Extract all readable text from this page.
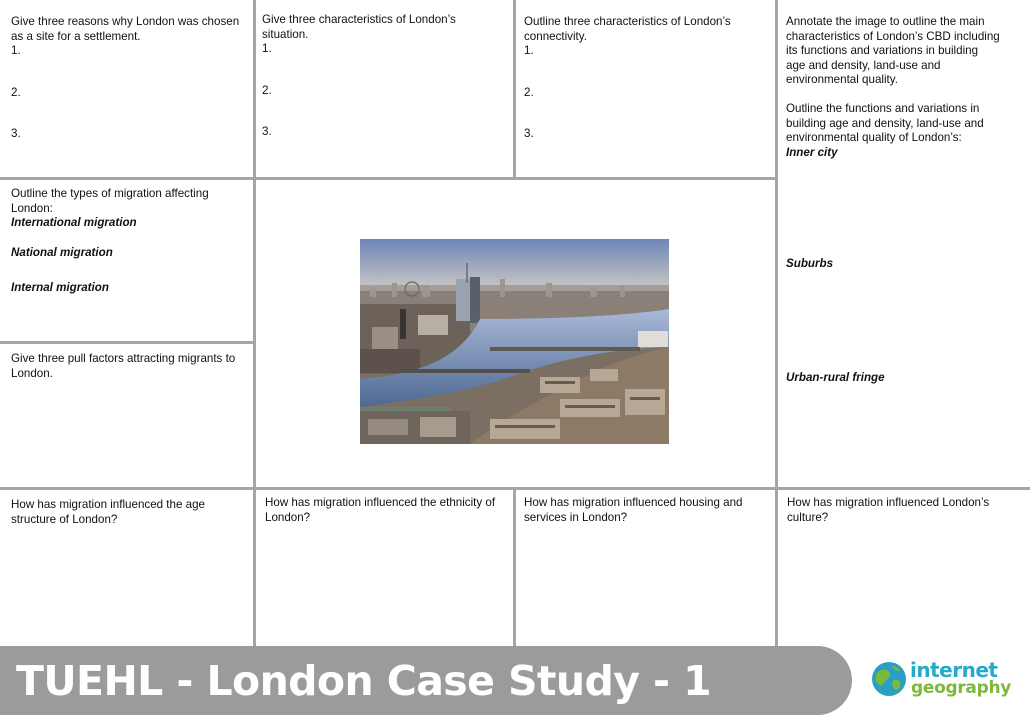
Give three reasons why London was chosen as a site for a settlement.

1.

2.

3.

Give three characteristics of London’s situation.

1.

2.

3.

Outline three characteristics of London’s connectivity.

1.

2.

3.

Annotate the image to outline the main characteristics of London’s CBD including its functions and variations in building age and density, land-use and environmental quality.

Outline the functions and variations in building age and density, land-use and environmental quality of London’s:

Inner city

Suburbs

Urban-rural fringe

Outline the types of migration affecting London:

International migration

National migration

Internal migration

Give three pull factors attracting migrants to London.

How has migration influenced the age structure of London?

How has migration influenced the ethnicity of London?

How has migration influenced housing and services in London?

How has migration influenced London’s culture?

TUEHL - London Case Study - 1	internet
geography
